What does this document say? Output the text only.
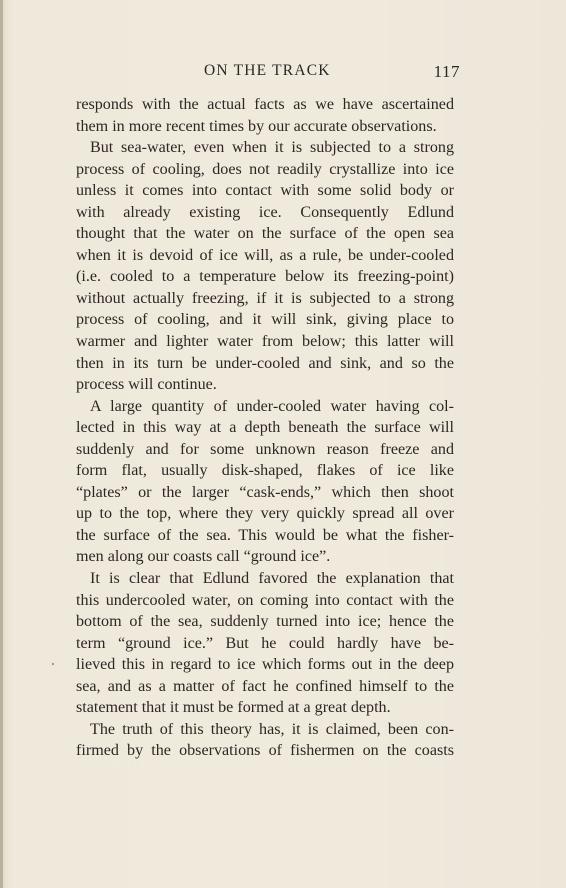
ON THE TRACK	117
responds with the actual facts as we have ascertained
them in more recent times by our accurate observations.
But sea-water, even when it is subjected to a strong
process of cooling, does not readily crystallize into ice
unless it comes into contact with some solid body or
with already existing ice. Consequently Edlund
thought that the water on the surface of the open sea
when it is devoid of ice will, as a rule, be under-cooled
(i.e. cooled to a temperature below its freezing-point)
without actually freezing, if it is subjected to a strong
process of cooling, and it will sink, giving place to
warmer and lighter water from below; this latter will
then in its turn be under-cooled and sink, and so the
process will continue.
A large quantity of under-cooled water having col-
lected in this way at a depth beneath the surface will
suddenly and for some unknown reason freeze and
form flat, usually disk-shaped, flakes of ice like
“plates” or the larger “cask-ends,” which then shoot
up to the top, where they very quickly spread all over
the surface of the sea. This would be what the fisher-
men along our coasts call “ground ice”.
It is clear that Edlund favored the explanation that
this undercooled water, on coming into contact with the
bottom of the sea, suddenly turned into ice; hence the
term “ground ice.” But he could hardly have be-
lieved this in regard to ice which forms out in the deep
sea, and as a matter of fact he confined himself to the
statement that it must be formed at a great depth.
The truth of this theory has, it is claimed, been con-
firmed by the observations of fishermen on the coasts
